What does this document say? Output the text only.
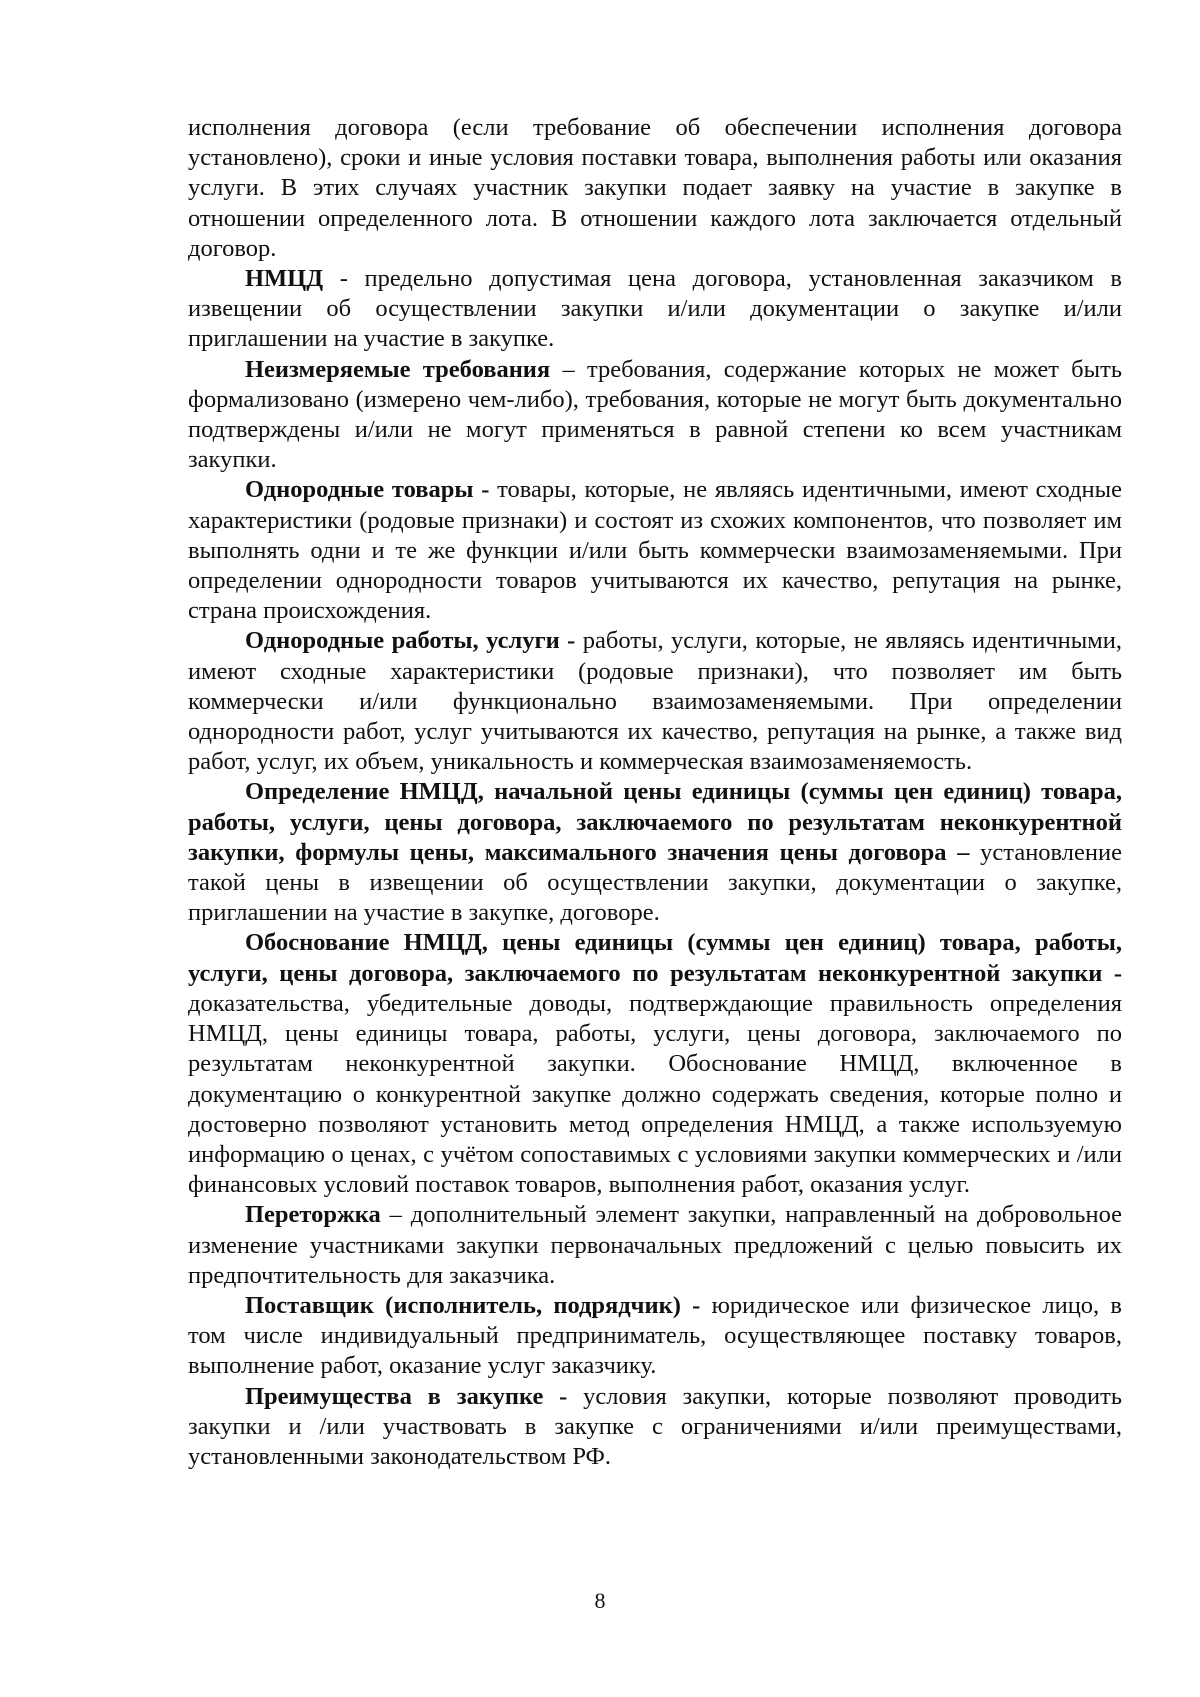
исполнения договора (если требование об обеспечении исполнения договора установлено), сроки и иные условия поставки товара, выполнения работы или оказания услуги. В этих случаях участник закупки подает заявку на участие в закупке в отношении определенного лота. В отношении каждого лота заключается отдельный договор.

НМЦД - предельно допустимая цена договора, установленная заказчиком в извещении об осуществлении закупки и/или документации о закупке и/или приглашении на участие в закупке.

Неизмеряемые требования – требования, содержание которых не может быть формализовано (измерено чем-либо), требования, которые не могут быть документально подтверждены и/или не могут применяться в равной степени ко всем участникам закупки.

Однородные товары - товары, которые, не являясь идентичными, имеют сходные характеристики (родовые признаки) и состоят из схожих компонентов, что позволяет им выполнять одни и те же функции и/или быть коммерчески взаимозаменяемыми. При определении однородности товаров учитываются их качество, репутация на рынке, страна происхождения.

Однородные работы, услуги - работы, услуги, которые, не являясь идентичными, имеют сходные характеристики (родовые признаки), что позволяет им быть коммерчески и/или функционально взаимозаменяемыми. При определении однородности работ, услуг учитываются их качество, репутация на рынке, а также вид работ, услуг, их объем, уникальность и коммерческая взаимозаменяемость.

Определение НМЦД, начальной цены единицы (суммы цен единиц) товара, работы, услуги, цены договора, заключаемого по результатам неконкурентной закупки, формулы цены, максимального значения цены договора – установление такой цены в извещении об осуществлении закупки, документации о закупке, приглашении на участие в закупке, договоре.

Обоснование НМЦД, цены единицы (суммы цен единиц) товара, работы, услуги, цены договора, заключаемого по результатам неконкурентной закупки - доказательства, убедительные доводы, подтверждающие правильность определения НМЦД, цены единицы товара, работы, услуги, цены договора, заключаемого по результатам неконкурентной закупки. Обоснование НМЦД, включенное в документацию о конкурентной закупке должно содержать сведения, которые полно и достоверно позволяют установить метод определения НМЦД, а также используемую информацию о ценах, с учётом сопоставимых с условиями закупки коммерческих и /или финансовых условий поставок товаров, выполнения работ, оказания услуг.

Переторжка – дополнительный элемент закупки, направленный на добровольное изменение участниками закупки первоначальных предложений с целью повысить их предпочтительность для заказчика.

Поставщик (исполнитель, подрядчик) - юридическое или физическое лицо, в том числе индивидуальный предприниматель, осуществляющее поставку товаров, выполнение работ, оказание услуг заказчику.

Преимущества в закупке - условия закупки, которые позволяют проводить закупки и /или участвовать в закупке с ограничениями и/или преимуществами, установленными законодательством РФ.

8
